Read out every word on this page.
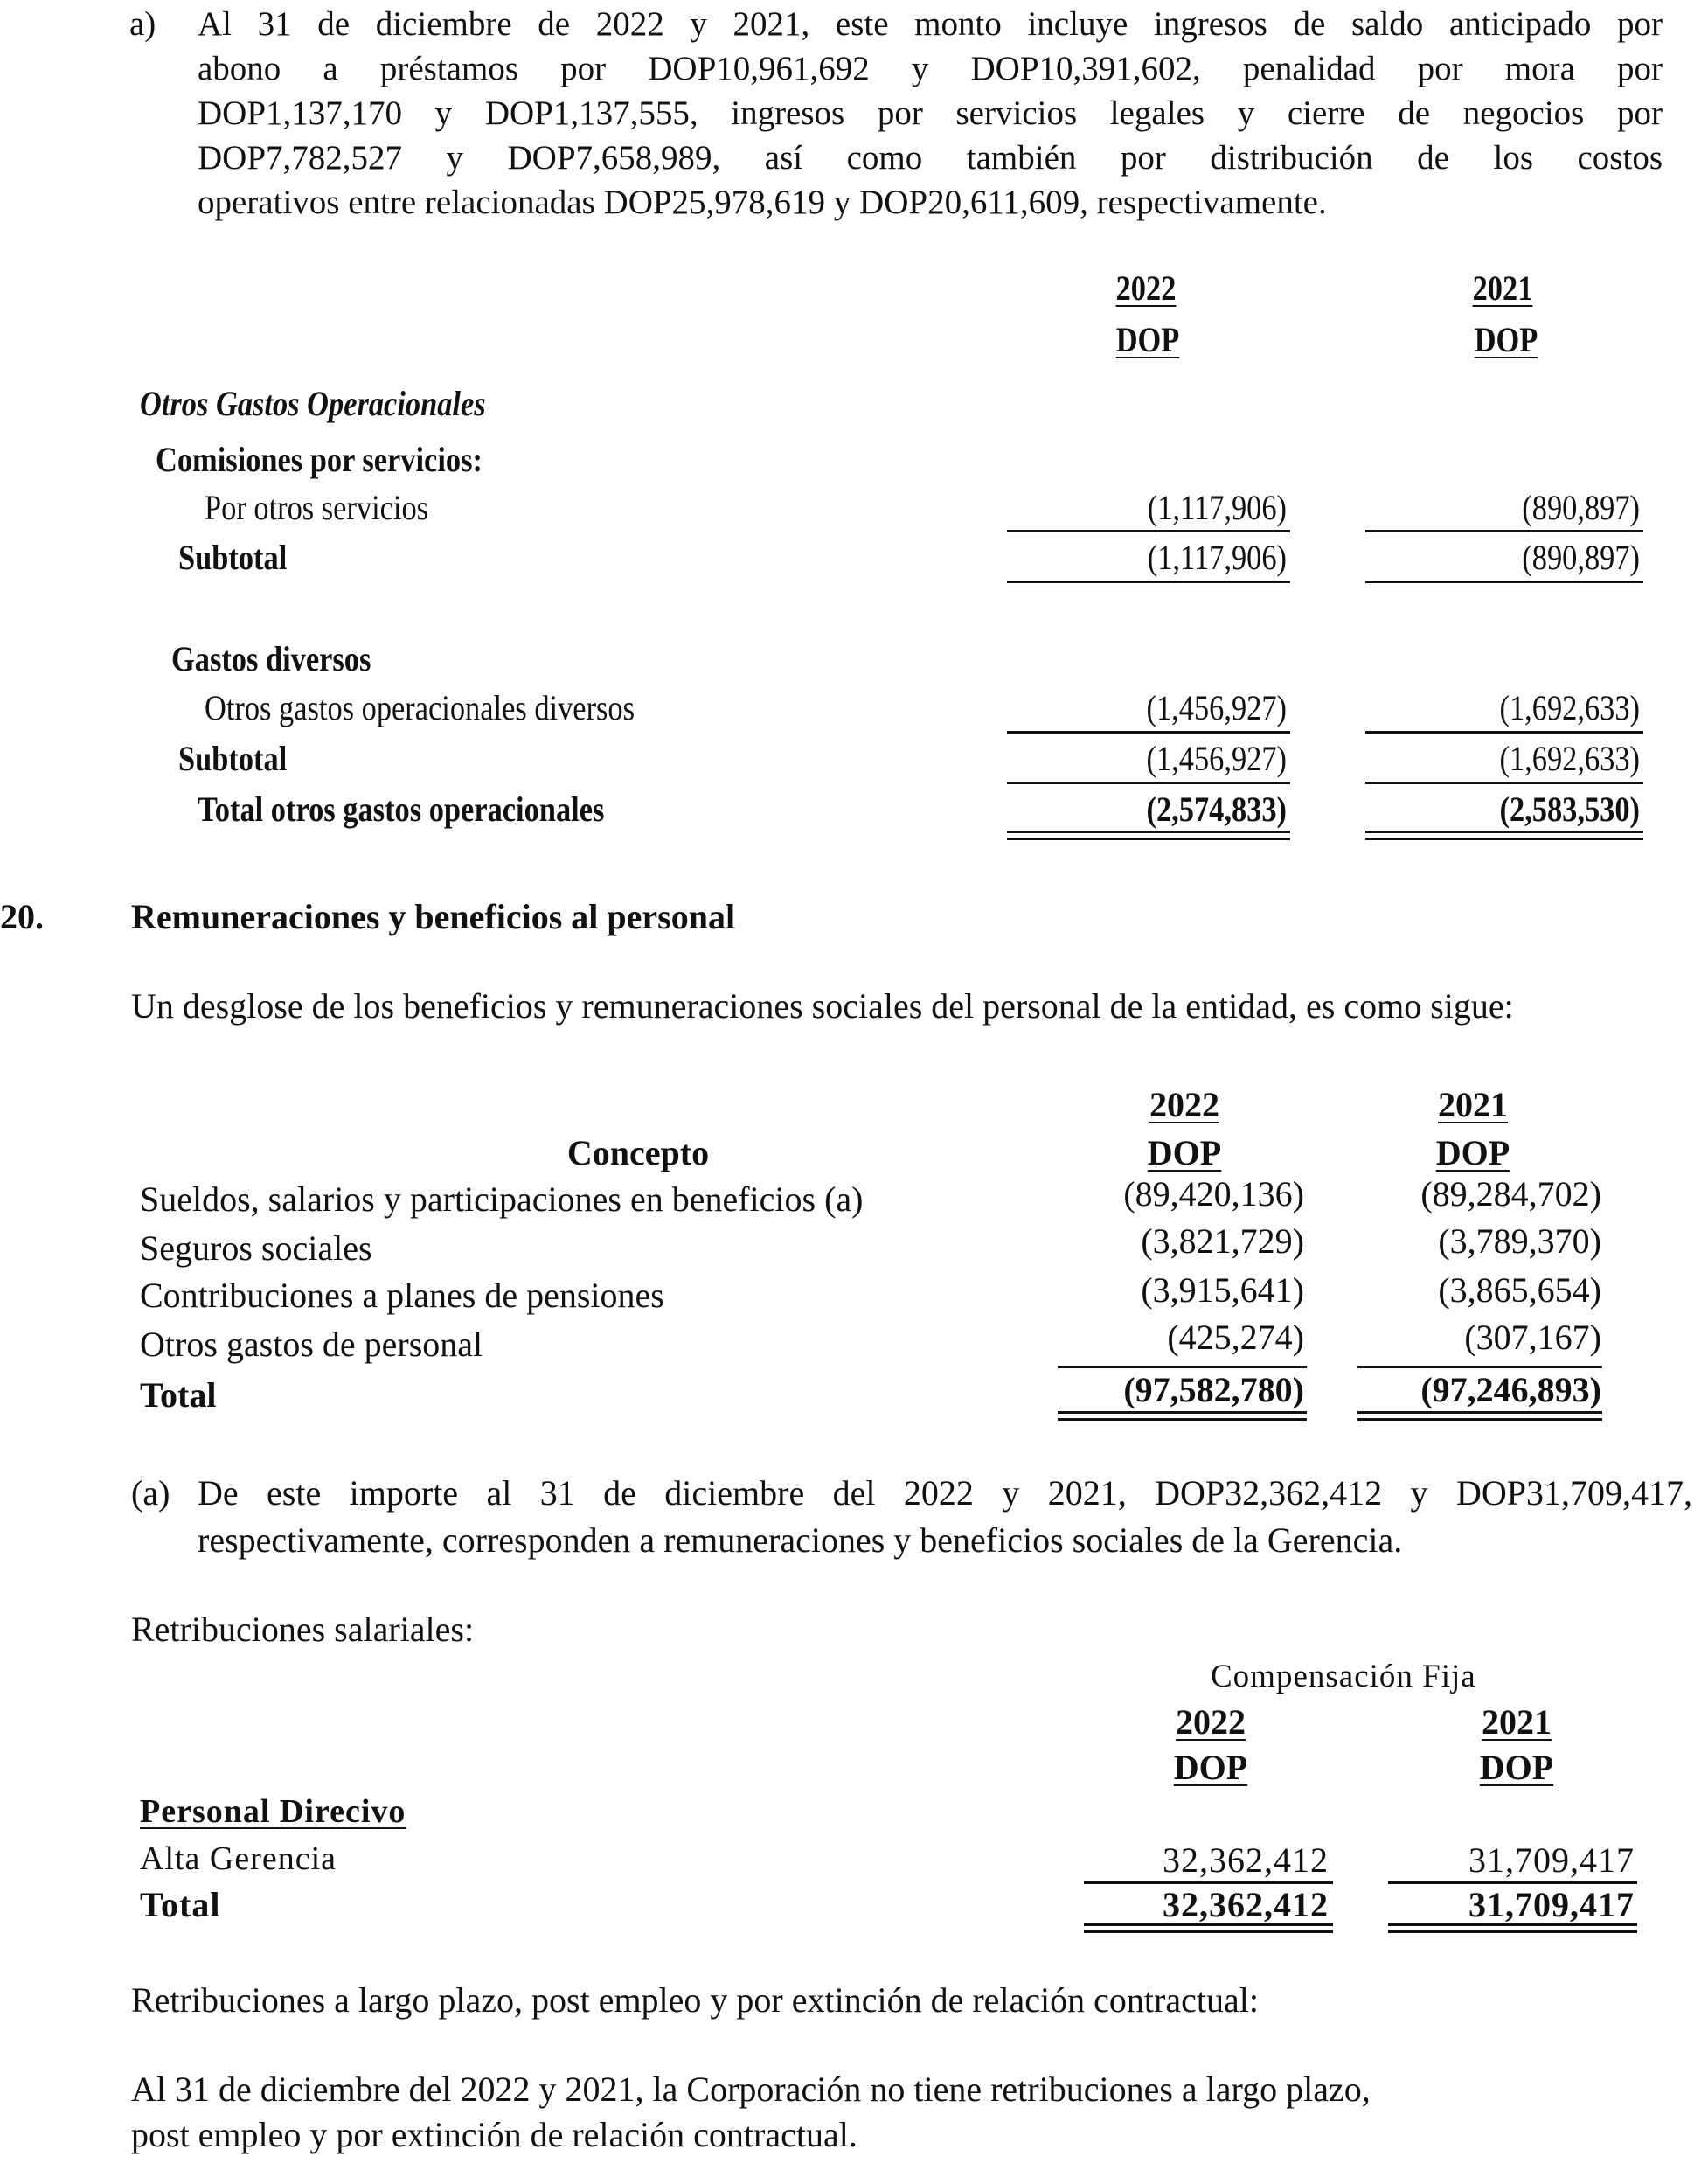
a) Al 31 de diciembre de 2022 y 2021, este monto incluye ingresos de saldo anticipado por
abono a préstamos por DOP10,961,692 y DOP10,391,602, penalidad por mora por
DOP1,137,170 y DOP1,137,555, ingresos por servicios legales y cierre de negocios por
DOP7,782,527 y DOP7,658,989, así como también por distribución de los costos
operativos entre relacionadas DOP25,978,619 y DOP20,611,609, respectivamente.
2022	2021
DOP	DOP
Otros Gastos Operacionales
Comisiones por servicios:
Por otros servicios	(1,117,906)	(890,897)
Subtotal	(1,117,906)	(890,897)
Gastos diversos
Otros gastos operacionales diversos	(1,456,927)	(1,692,633)
Subtotal	(1,456,927)	(1,692,633)
Total otros gastos operacionales	(2,574,833)	(2,583,530)
20.	Remuneraciones y beneficios al personal
Un desglose de los beneficios y remuneraciones sociales del personal de la entidad, es como sigue:
2022	2021
Concepto	DOP	DOP
Sueldos, salarios y participaciones en beneficios (a)	(89,420,136)	(89,284,702)
Seguros sociales	(3,821,729)	(3,789,370)
Contribuciones a planes de pensiones	(3,915,641)	(3,865,654)
Otros gastos de personal	(425,274)	(307,167)
Total	(97,582,780)	(97,246,893)
(a) De este importe al 31 de diciembre del 2022 y 2021, DOP32,362,412 y DOP31,709,417,
respectivamente, corresponden a remuneraciones y beneficios sociales de la Gerencia.
Retribuciones salariales:
Compensación Fija
2022	2021
DOP	DOP
Personal Direcivo
Alta Gerencia	32,362,412	31,709,417
Total	32,362,412	31,709,417
Retribuciones a largo plazo, post empleo y por extinción de relación contractual:
Al 31 de diciembre del 2022 y 2021, la Corporación no tiene retribuciones a largo plazo,
post empleo y por extinción de relación contractual.
